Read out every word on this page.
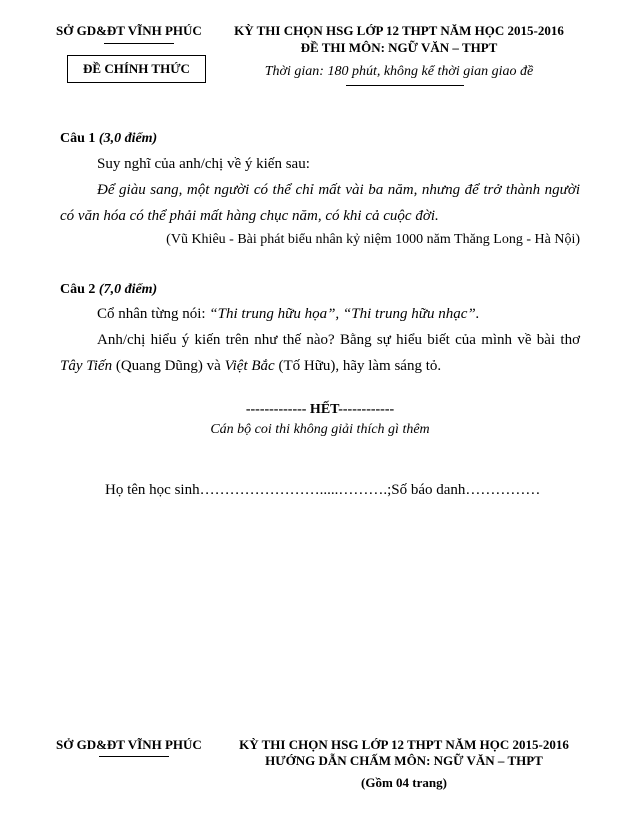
SỞ GD&ĐT VĨNH PHÚC	KỲ THI CHỌN HSG LỚP 12 THPT NĂM HỌC 2015-2016
ĐỀ THI MÔN: NGỮ VĂN – THPT
ĐỀ CHÍNH THỨC	Thời gian: 180 phút, không kể thời gian giao đề
Câu 1 (3,0 điểm)
Suy nghĩ của anh/chị về ý kiến sau:
Để giàu sang, một người có thể chỉ mất vài ba năm, nhưng để trở thành người có văn hóa có thể phải mất hàng chục năm, có khi cả cuộc đời.
(Vũ Khiêu - Bài phát biểu nhân kỷ niệm 1000 năm Thăng Long - Hà Nội)
Câu 2 (7,0 điểm)
Cổ nhân từng nói: “Thi trung hữu họa”, “Thi trung hữu nhạc”.
Anh/chị hiểu ý kiến trên như thế nào? Bằng sự hiểu biết của mình về bài thơ Tây Tiến (Quang Dũng) và Việt Bắc (Tố Hữu), hãy làm sáng tỏ.
------------- HẾT------------
Cán bộ coi thi không giải thích gì thêm
Họ tên học sinh…………………….....……….;Số báo danh……………
SỞ GD&ĐT VĨNH PHÚC	KỲ THI CHỌN HSG LỚP 12 THPT NĂM HỌC 2015-2016
HƯỚNG DẪN CHẤM MÔN: NGỮ VĂN – THPT
(Gồm 04 trang)
